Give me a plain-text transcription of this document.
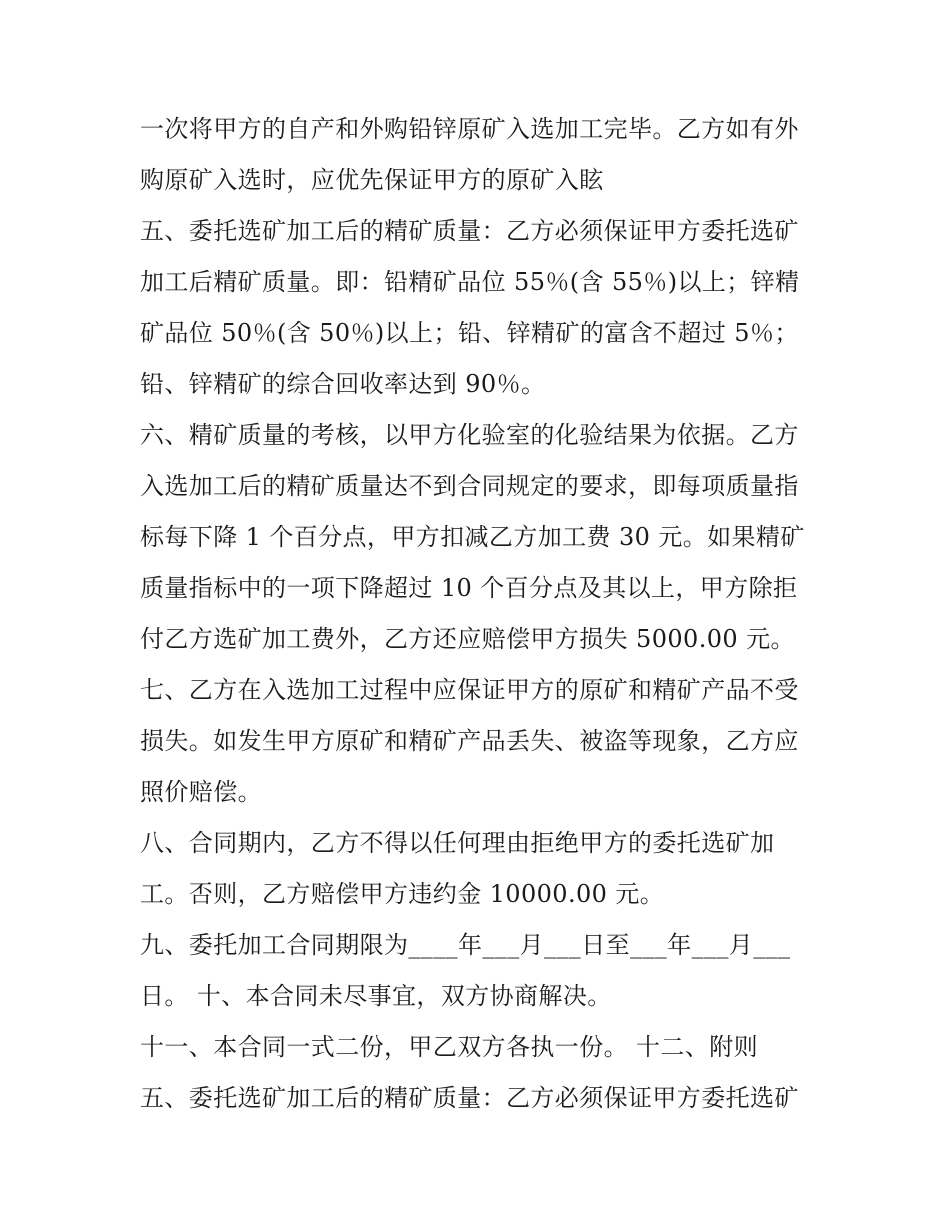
一次将甲方的自产和外购铅锌原矿入选加工完毕。乙方如有外
购原矿入选时，应优先保证甲方的原矿入眩
五、委托选矿加工后的精矿质量：乙方必须保证甲方委托选矿
加工后精矿质量。即：铅精矿品位 55％(含 55％)以上；锌精
矿品位 50％(含 50％)以上；铅、锌精矿的富含不超过 5％；
铅、锌精矿的综合回收率达到 90％。
六、精矿质量的考核，以甲方化验室的化验结果为依据。乙方
入选加工后的精矿质量达不到合同规定的要求，即每项质量指
标每下降 1 个百分点，甲方扣减乙方加工费 30 元。如果精矿
质量指标中的一项下降超过 10 个百分点及其以上，甲方除拒
付乙方选矿加工费外，乙方还应赔偿甲方损失 5000.00 元。
七、乙方在入选加工过程中应保证甲方的原矿和精矿产品不受
损失。如发生甲方原矿和精矿产品丢失、被盗等现象，乙方应
照价赔偿。
八、合同期内，乙方不得以任何理由拒绝甲方的委托选矿加
工。否则，乙方赔偿甲方违约金 10000.00 元。
九、委托加工合同期限为____年___月___日至___年___月___
日。 十、本合同未尽事宜，双方协商解决。
十一、本合同一式二份，甲乙双方各执一份。 十二、附则
五、委托选矿加工后的精矿质量：乙方必须保证甲方委托选矿
